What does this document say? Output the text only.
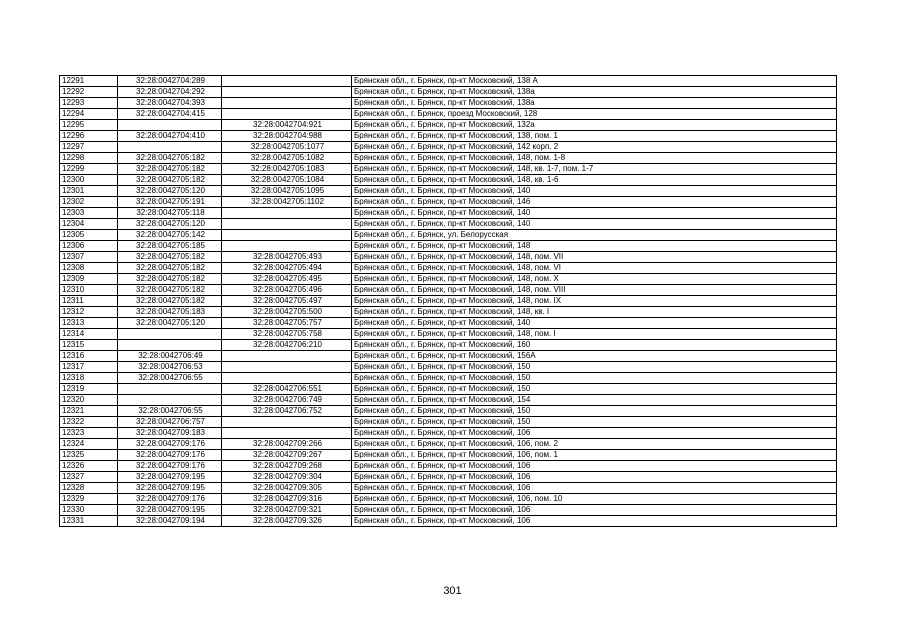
12291	32:28:0042704:289		Брянская обл., г. Брянск, пр-кт Московский, 138 А
12292	32:28:0042704:292		Брянская обл., г. Брянск, пр-кт Московский, 138а
12293	32:28:0042704:393		Брянская обл., г. Брянск, пр-кт Московский, 138а
12294	32:28:0042704:415		Брянская обл., г. Брянск, проезд Московский, 128
12295		32:28:0042704:921	Брянская обл., г. Брянск, пр-кт Московский, 132а
12296	32:28:0042704:410	32:28:0042704:988	Брянская обл., г. Брянск, пр-кт Московский, 138, пом. 1
12297		32:28:0042705:1077	Брянская обл., г. Брянск, пр-кт Московский, 142 корп. 2
12298	32:28:0042705:182	32:28:0042705:1082	Брянская обл., г. Брянск, пр-кт Московский, 148, пом. 1-8
12299	32:28:0042705:182	32:28:0042705:1083	Брянская обл., г. Брянск, пр-кт Московский, 148, кв. 1-7, пом. 1-7
12300	32:28:0042705:182	32:28:0042705:1084	Брянская обл., г. Брянск, пр-кт Московский, 148, кв. 1-6
12301	32:28:0042705:120	32:28:0042705:1095	Брянская обл., г. Брянск, пр-кт Московский, 140
12302	32:28:0042705:191	32:28:0042705:1102	Брянская обл., г. Брянск, пр-кт Московский, 146
12303	32:28:0042705:118		Брянская обл., г. Брянск, пр-кт Московский, 140
12304	32:28:0042705:120		Брянская обл., г. Брянск, пр-кт Московский, 140
12305	32:28:0042705:142		Брянская обл., г. Брянск, ул. Белорусская
12306	32:28:0042705:185		Брянская обл., г. Брянск, пр-кт Московский, 148
12307	32:28:0042705:182	32:28:0042705:493	Брянская обл., г. Брянск, пр-кт Московский, 148, пом. VII
12308	32:28:0042705:182	32:28:0042705:494	Брянская обл., г. Брянск, пр-кт Московский, 148, пом. VI
12309	32:28:0042705:182	32:28:0042705:495	Брянская обл., г. Брянск, пр-кт Московский, 148, пом. X
12310	32:28:0042705:182	32:28:0042705:496	Брянская обл., г. Брянск, пр-кт Московский, 148, пом. VIII
12311	32:28:0042705:182	32:28:0042705:497	Брянская обл., г. Брянск, пр-кт Московский, 148, пом. IX
12312	32:28:0042705:183	32:28:0042705:500	Брянская обл., г. Брянск, пр-кт Московский, 148, кв. I
12313	32:28:0042705:120	32:28:0042705:757	Брянская обл., г. Брянск, пр-кт Московский, 140
12314		32:28:0042705:758	Брянская обл., г. Брянск, пр-кт Московский, 148, пом. I
12315		32:28:0042706:210	Брянская обл., г. Брянск, пр-кт Московский, 160
12316	32:28:0042706:49		Брянская обл., г. Брянск, пр-кт Московский, 156А
12317	32:28:0042706:53		Брянская обл., г. Брянск, пр-кт Московский, 150
12318	32:28:0042706:55		Брянская обл., г. Брянск, пр-кт Московский, 150
12319		32:28:0042706:551	Брянская обл., г. Брянск, пр-кт Московский, 150
12320		32:28:0042706:749	Брянская обл., г. Брянск, пр-кт Московский, 154
12321	32:28:0042706:55	32:28:0042706:752	Брянская обл., г. Брянск, пр-кт Московский, 150
12322	32:28:0042706:757		Брянская обл., г. Брянск, пр-кт Московский, 150
12323	32:28:0042709:183		Брянская обл., г. Брянск, пр-кт Московский, 106
12324	32:28:0042709:176	32:28:0042709:266	Брянская обл., г. Брянск, пр-кт Московский, 106, пом. 2
12325	32:28:0042709:176	32:28:0042709:267	Брянская обл., г. Брянск, пр-кт Московский, 106, пом. 1
12326	32:28:0042709:176	32:28:0042709:268	Брянская обл., г. Брянск, пр-кт Московский, 106
12327	32:28:0042709:195	32:28:0042709:304	Брянская обл., г. Брянск, пр-кт Московский, 106
12328	32:28:0042709:195	32:28:0042709:305	Брянская обл., г. Брянск, пр-кт Московский, 106
12329	32:28:0042709:176	32:28:0042709:316	Брянская обл., г. Брянск, пр-кт Московский, 106, пом. 10
12330	32:28:0042709:195	32:28:0042709:321	Брянская обл., г. Брянск, пр-кт Московский, 106
12331	32:28:0042709:194	32:28:0042709:326	Брянская обл., г. Брянск, пр-кт Московский, 106
301
